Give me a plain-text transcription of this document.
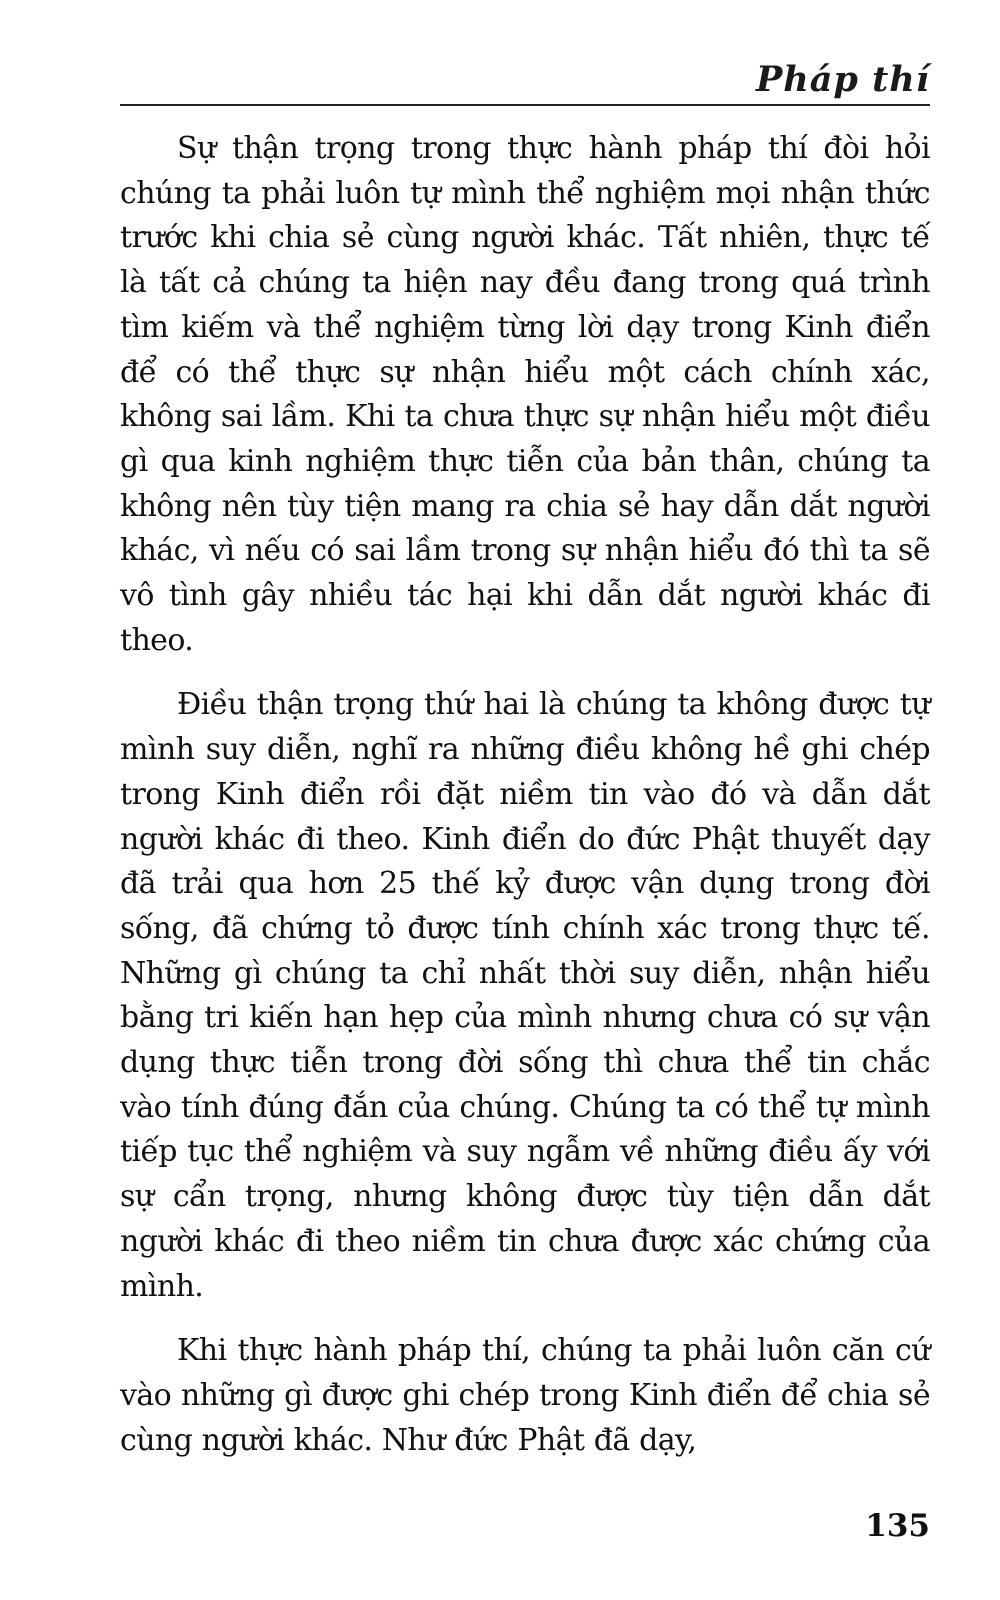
Pháp thí

Sự thận trọng trong thực hành pháp thí đòi hỏi chúng ta phải luôn tự mình thể nghiệm mọi nhận thức trước khi chia sẻ cùng người khác. Tất nhiên, thực tế là tất cả chúng ta hiện nay đều đang trong quá trình tìm kiếm và thể nghiệm từng lời dạy trong Kinh điển để có thể thực sự nhận hiểu một cách chính xác, không sai lầm. Khi ta chưa thực sự nhận hiểu một điều gì qua kinh nghiệm thực tiễn của bản thân, chúng ta không nên tùy tiện mang ra chia sẻ hay dẫn dắt người khác, vì nếu có sai lầm trong sự nhận hiểu đó thì ta sẽ vô tình gây nhiều tác hại khi dẫn dắt người khác đi theo.

Điều thận trọng thứ hai là chúng ta không được tự mình suy diễn, nghĩ ra những điều không hề ghi chép trong Kinh điển rồi đặt niềm tin vào đó và dẫn dắt người khác đi theo. Kinh điển do đức Phật thuyết dạy đã trải qua hơn 25 thế kỷ được vận dụng trong đời sống, đã chứng tỏ được tính chính xác trong thực tế. Những gì chúng ta chỉ nhất thời suy diễn, nhận hiểu bằng tri kiến hạn hẹp của mình nhưng chưa có sự vận dụng thực tiễn trong đời sống thì chưa thể tin chắc vào tính đúng đắn của chúng. Chúng ta có thể tự mình tiếp tục thể nghiệm và suy ngẫm về những điều ấy với sự cẩn trọng, nhưng không được tùy tiện dẫn dắt người khác đi theo niềm tin chưa được xác chứng của mình.

Khi thực hành pháp thí, chúng ta phải luôn căn cứ vào những gì được ghi chép trong Kinh điển để chia sẻ cùng người khác. Như đức Phật đã dạy,

135
